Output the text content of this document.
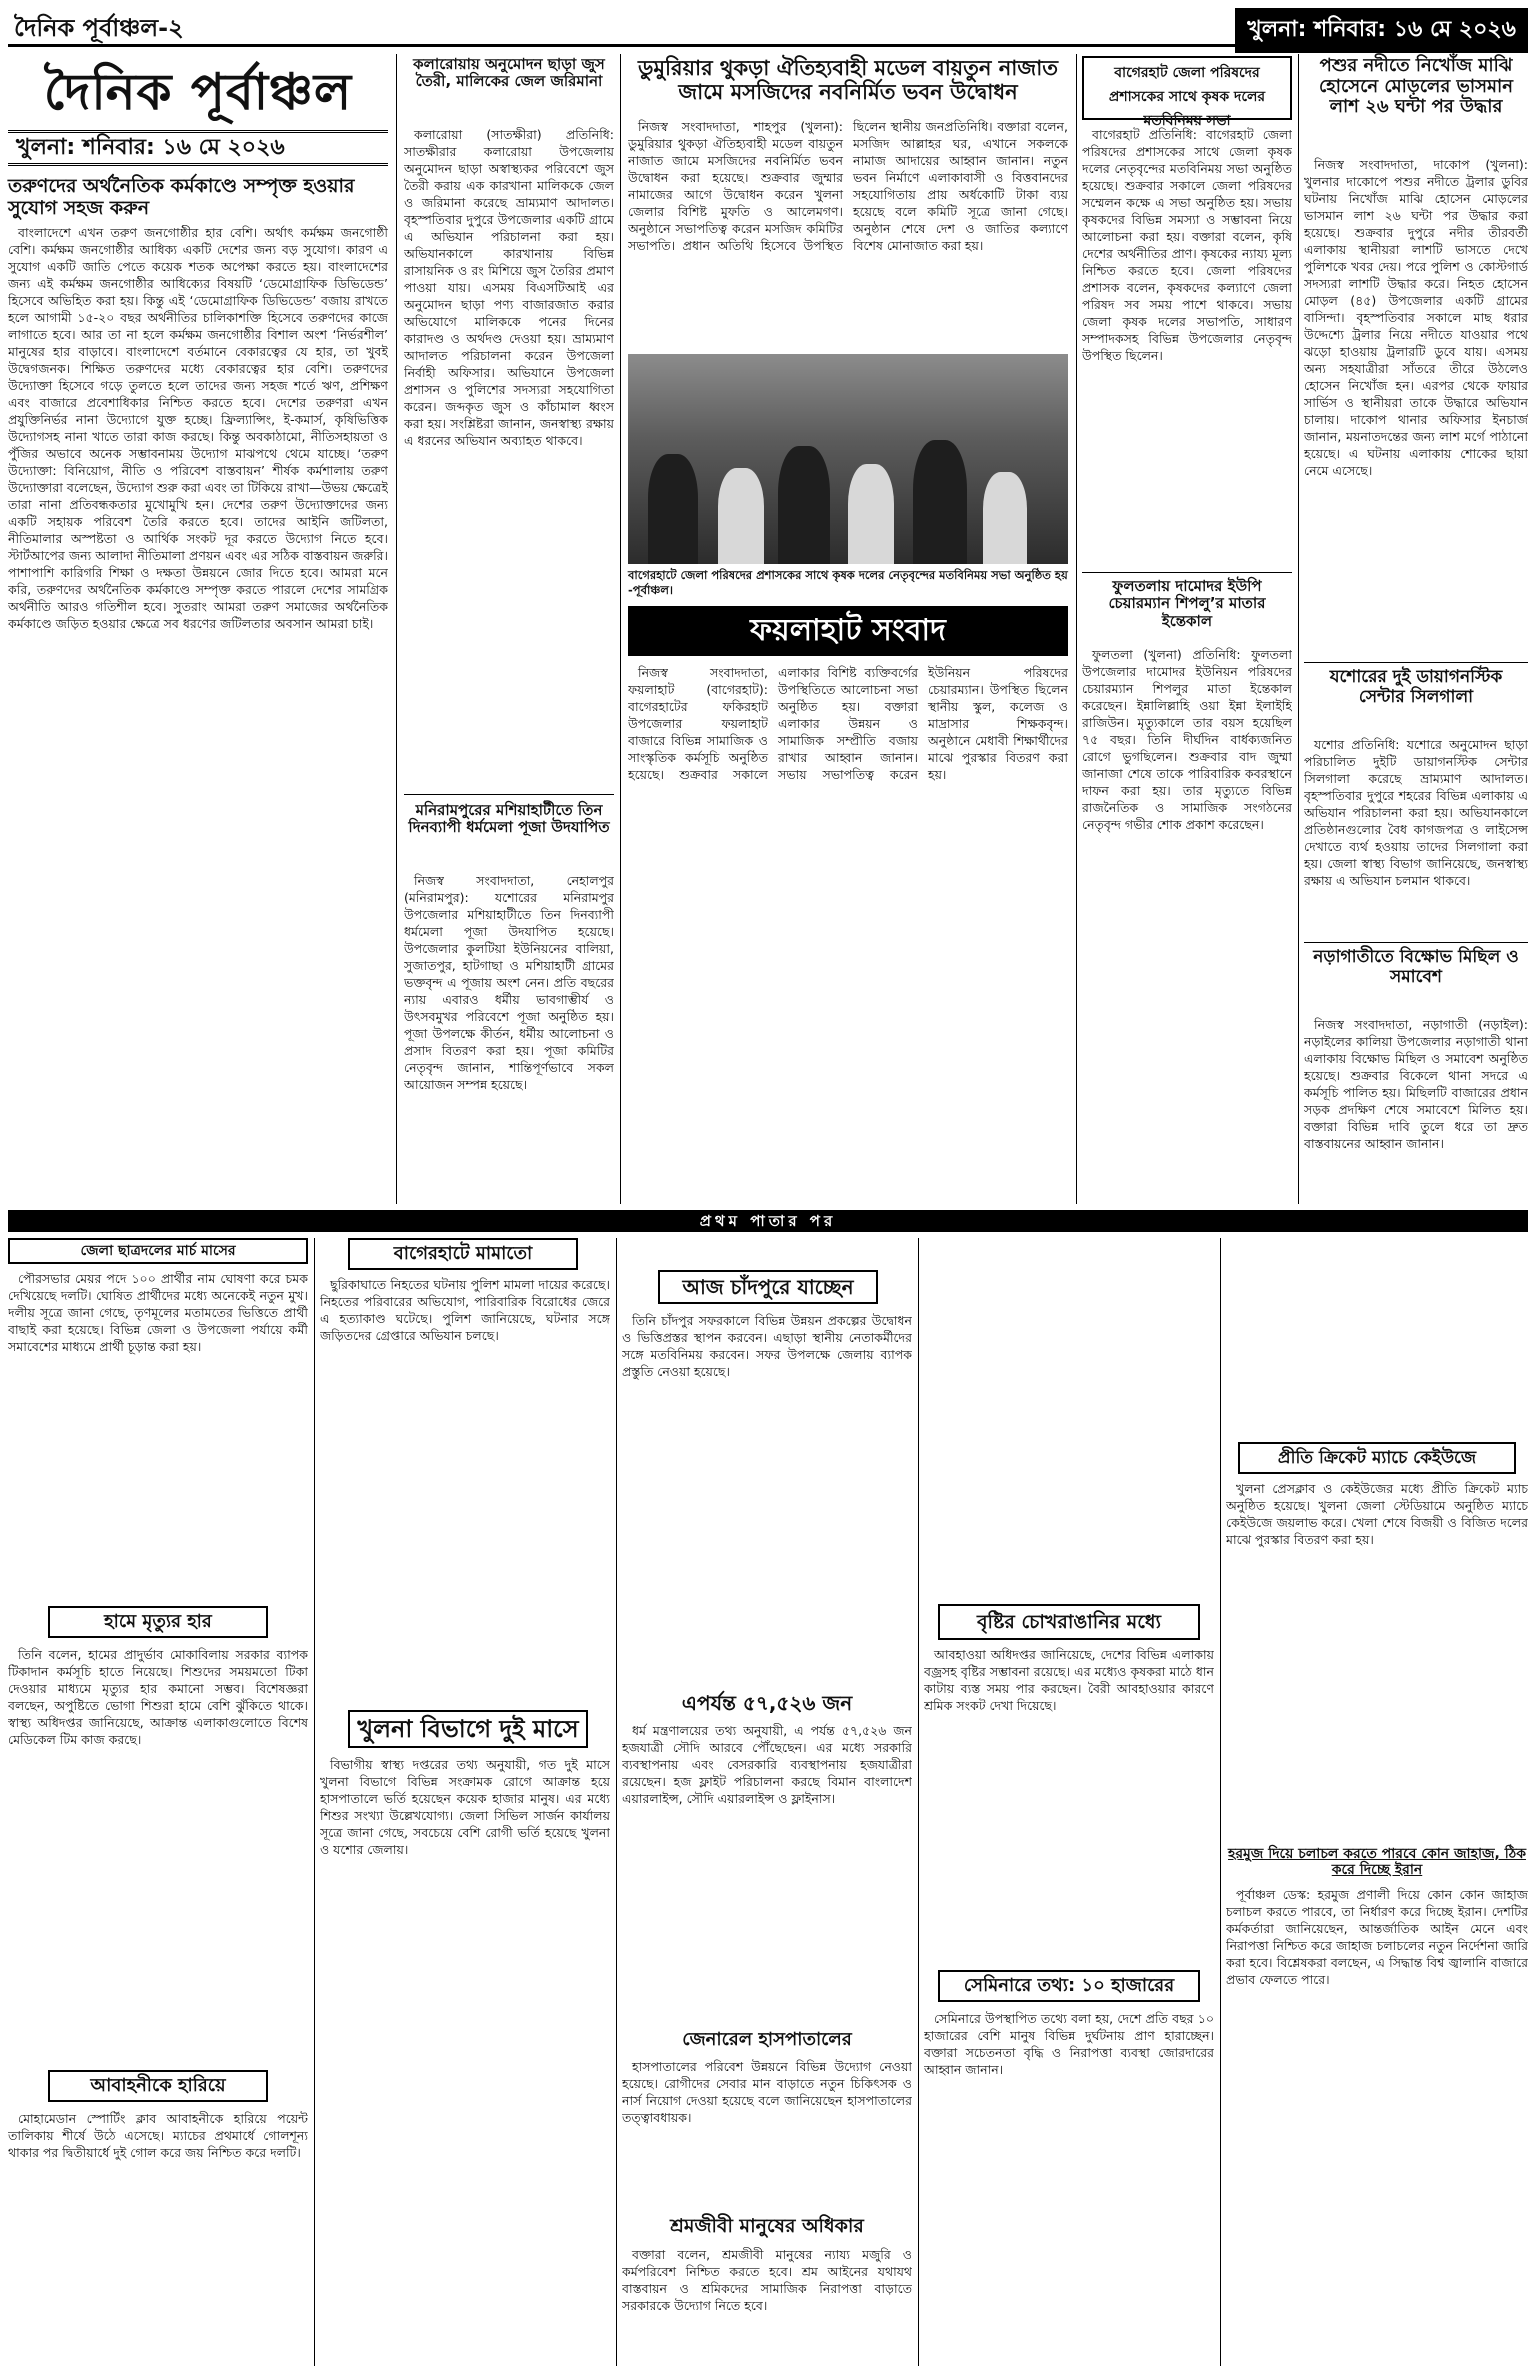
দৈনিক পূর্বাঞ্চল-২	খুলনা: শনিবার: ১৬ মে ২০২৬
দৈনিক পূর্বাঞ্চল
খুলনা: শনিবার: ১৬ মে ২০২৬
তরুণদের অর্থনৈতিক কর্মকাণ্ডে সম্পৃক্ত হওয়ার সুযোগ সহজ করুন

বাংলাদেশে এখন তরুণ জনগোষ্ঠীর হার বেশি। অর্থাৎ কর্মক্ষম জনগোষ্ঠী বেশি। কর্মক্ষম জনগোষ্ঠীর আধিক্য একটি দেশের জন্য বড় সুযোগ। কারণ এ সুযোগ একটি জাতি পেতে কয়েক শতক অপেক্ষা করতে হয়। বাংলাদেশের জন্য এই কর্মক্ষম জনগোষ্ঠীর আধিক্যের বিষয়টি ‘ডেমোগ্রাফিক ডিভিডেন্ড’ হিসেবে অভিহিত করা হয়। কিন্তু এই ‘ডেমোগ্রাফিক ডিভিডেন্ড’ বজায় রাখতে হলে আগামী ১৫-২০ বছর অর্থনীতির চালিকাশক্তি হিসেবে তরুণদের কাজে লাগাতে হবে। আর তা না হলে কর্মক্ষম জনগোষ্ঠীর বিশাল অংশ ‘নির্ভরশীল’ মানুষের হার বাড়াবে। বাংলাদেশে বর্তমানে বেকারত্বের যে হার, তা খুবই উদ্বেগজনক। শিক্ষিত তরুণদের মধ্যে বেকারত্বের হার বেশি। তরুণদের উদ্যোক্তা হিসেবে গড়ে তুলতে হলে তাদের জন্য সহজ শর্তে ঋণ, প্রশিক্ষণ এবং বাজারে প্রবেশাধিকার নিশ্চিত করতে হবে। দেশের তরুণরা এখন প্রযুক্তিনির্ভর নানা উদ্যোগে যুক্ত হচ্ছে। ফ্রিল্যান্সিং, ই-কমার্স, কৃষিভিত্তিক উদ্যোগসহ নানা খাতে তারা কাজ করছে। কিন্তু অবকাঠামো, নীতিসহায়তা ও পুঁজির অভাবে অনেক সম্ভাবনাময় উদ্যোগ মাঝপথে থেমে যাচ্ছে। ‘তরুণ উদ্যোক্তা: বিনিয়োগ, নীতি ও পরিবেশ বাস্তবায়ন’ শীর্ষক কর্মশালায় তরুণ উদ্যোক্তারা বলেছেন, উদ্যোগ শুরু করা এবং তা টিকিয়ে রাখা—উভয় ক্ষেত্রেই তারা নানা প্রতিবন্ধকতার মুখোমুখি হন। দেশের তরুণ উদ্যোক্তাদের জন্য একটি সহায়ক পরিবেশ তৈরি করতে হবে। তাদের আইনি জটিলতা, নীতিমালার অস্পষ্টতা ও আর্থিক সংকট দূর করতে উদ্যোগ নিতে হবে। স্টার্টআপের জন্য আলাদা নীতিমালা প্রণয়ন এবং এর সঠিক বাস্তবায়ন জরুরি। পাশাপাশি কারিগরি শিক্ষা ও দক্ষতা উন্নয়নে জোর দিতে হবে। আমরা মনে করি, তরুণদের অর্থনৈতিক কর্মকাণ্ডে সম্পৃক্ত করতে পারলে দেশের সামগ্রিক অর্থনীতি আরও গতিশীল হবে। সুতরাং আমরা তরুণ সমাজের অর্থনৈতিক কর্মকাণ্ডে জড়িত হওয়ার ক্ষেত্রে সব ধরণের জটিলতার অবসান আমরা চাই।

কলারোয়ায় অনুমোদন ছাড়া জুস তৈরী, মালিকের জেল জরিমানা

কলারোয়া (সাতক্ষীরা) প্রতিনিধি: সাতক্ষীরার কলারোয়া উপজেলায় অনুমোদন ছাড়া অস্বাস্থ্যকর পরিবেশে জুস তৈরী করায় এক কারখানা মালিককে জেল ও জরিমানা করেছে ভ্রাম্যমাণ আদালত। বৃহস্পতিবার দুপুরে উপজেলার একটি গ্রামে এ অভিযান পরিচালনা করা হয়। অভিযানকালে কারখানায় বিভিন্ন রাসায়নিক ও রং মিশিয়ে জুস তৈরির প্রমাণ পাওয়া যায়। এসময় বিএসটিআই এর অনুমোদন ছাড়া পণ্য বাজারজাত করার অভিযোগে মালিককে পনের দিনের কারাদণ্ড ও অর্থদণ্ড দেওয়া হয়। ভ্রাম্যমাণ আদালত পরিচালনা করেন উপজেলা নির্বাহী অফিসার। অভিযানে উপজেলা প্রশাসন ও পুলিশের সদস্যরা সহযোগিতা করেন। জব্দকৃত জুস ও কাঁচামাল ধ্বংস করা হয়। সংশ্লিষ্টরা জানান, জনস্বাস্থ্য রক্ষায় এ ধরনের অভিযান অব্যাহত থাকবে।

মনিরামপুরের মশিয়াহাটীতে তিন দিনব্যাপী ধর্মমেলা পূজা উদযাপিত

নিজস্ব সংবাদদাতা, নেহালপুর (মনিরামপুর): যশোরের মনিরামপুর উপজেলার মশিয়াহাটীতে তিন দিনব্যাপী ধর্মমেলা পূজা উদযাপিত হয়েছে। উপজেলার কুলটিয়া ইউনিয়নের বালিয়া, সুজাতপুর, হাটগাছা ও মশিয়াহাটী গ্রামের ভক্তবৃন্দ এ পূজায় অংশ নেন। প্রতি বছরের ন্যায় এবারও ধর্মীয় ভাবগাম্ভীর্য ও উৎসবমুখর পরিবেশে পূজা অনুষ্ঠিত হয়। পূজা উপলক্ষে কীর্তন, ধর্মীয় আলোচনা ও প্রসাদ বিতরণ করা হয়। পূজা কমিটির নেতৃবৃন্দ জানান, শান্তিপূর্ণভাবে সকল আয়োজন সম্পন্ন হয়েছে।

ডুমুরিয়ার থুকড়া ঐতিহ্যবাহী মডেল বায়তুন নাজাত জামে মসজিদের নবনির্মিত ভবন উদ্বোধন

নিজস্ব সংবাদদাতা, শাহপুর (খুলনা): ডুমুরিয়ার থুকড়া ঐতিহ্যবাহী মডেল বায়তুন নাজাত জামে মসজিদের নবনির্মিত ভবন উদ্বোধন করা হয়েছে। শুক্রবার জুম্মার নামাজের আগে উদ্বোধন করেন খুলনা জেলার বিশিষ্ট মুফতি ও আলেমগণ। অনুষ্ঠানে সভাপতিত্ব করেন মসজিদ কমিটির সভাপতি। প্রধান অতিথি হিসেবে উপস্থিত ছিলেন স্থানীয় জনপ্রতিনিধি। বক্তারা বলেন, মসজিদ আল্লাহর ঘর, এখানে সকলকে নামাজ আদায়ের আহ্বান জানান। নতুন ভবন নির্মাণে এলাকাবাসী ও বিত্তবানদের সহযোগিতায় প্রায় অর্ধকোটি টাকা ব্যয় হয়েছে বলে কমিটি সূত্রে জানা গেছে। অনুষ্ঠান শেষে দেশ ও জাতির কল্যাণে বিশেষ মোনাজাত করা হয়।

বাগেরহাটে জেলা পরিষদের প্রশাসকের সাথে কৃষক দলের নেতৃবৃন্দের মতবিনিময় সভা অনুষ্ঠিত হয় -পূর্বাঞ্চল।
ফয়লাহাট সংবাদ

নিজস্ব সংবাদদাতা, ফয়লাহাট (বাগেরহাট): বাগেরহাটের ফকিরহাট উপজেলার ফয়লাহাট বাজারে বিভিন্ন সামাজিক ও সাংস্কৃতিক কর্মসূচি অনুষ্ঠিত হয়েছে। শুক্রবার সকালে এলাকার বিশিষ্ট ব্যক্তিবর্গের উপস্থিতিতে আলোচনা সভা অনুষ্ঠিত হয়। বক্তারা এলাকার উন্নয়ন ও সামাজিক সম্প্রীতি বজায় রাখার আহ্বান জানান। সভায় সভাপতিত্ব করেন ইউনিয়ন পরিষদের চেয়ারম্যান। উপস্থিত ছিলেন স্থানীয় স্কুল, কলেজ ও মাদ্রাসার শিক্ষকবৃন্দ। অনুষ্ঠানে মেধাবী শিক্ষার্থীদের মাঝে পুরস্কার বিতরণ করা হয়।

বাগেরহাট জেলা পরিষদের প্রশাসকের সাথে কৃষক দলের মতবিনিময় সভা

বাগেরহাট প্রতিনিধি: বাগেরহাট জেলা পরিষদের প্রশাসকের সাথে জেলা কৃষক দলের নেতৃবৃন্দের মতবিনিময় সভা অনুষ্ঠিত হয়েছে। শুক্রবার সকালে জেলা পরিষদের সম্মেলন কক্ষে এ সভা অনুষ্ঠিত হয়। সভায় কৃষকদের বিভিন্ন সমস্যা ও সম্ভাবনা নিয়ে আলোচনা করা হয়। বক্তারা বলেন, কৃষি দেশের অর্থনীতির প্রাণ। কৃষকের ন্যায্য মূল্য নিশ্চিত করতে হবে। জেলা পরিষদের প্রশাসক বলেন, কৃষকদের কল্যাণে জেলা পরিষদ সব সময় পাশে থাকবে। সভায় জেলা কৃষক দলের সভাপতি, সাধারণ সম্পাদকসহ বিভিন্ন উপজেলার নেতৃবৃন্দ উপস্থিত ছিলেন।

ফুলতলায় দামোদর ইউপি চেয়ারম্যান শিপলু’র মাতার ইন্তেকাল

ফুলতলা (খুলনা) প্রতিনিধি: ফুলতলা উপজেলার দামোদর ইউনিয়ন পরিষদের চেয়ারম্যান শিপলুর মাতা ইন্তেকাল করেছেন। ইন্নালিল্লাহি ওয়া ইন্না ইলাইহি রাজিউন। মৃত্যুকালে তার বয়স হয়েছিল ৭৫ বছর। তিনি দীর্ঘদিন বার্ধক্যজনিত রোগে ভুগছিলেন। শুক্রবার বাদ জুম্মা জানাজা শেষে তাকে পারিবারিক কবরস্থানে দাফন করা হয়। তার মৃত্যুতে বিভিন্ন রাজনৈতিক ও সামাজিক সংগঠনের নেতৃবৃন্দ গভীর শোক প্রকাশ করেছেন।

পশুর নদীতে নিখোঁজ মাঝি হোসেনে মোড়লের ভাসমান লাশ ২৬ ঘন্টা পর উদ্ধার

নিজস্ব সংবাদদাতা, দাকোপ (খুলনা): খুলনার দাকোপে পশুর নদীতে ট্রলার ডুবির ঘটনায় নিখোঁজ মাঝি হোসেন মোড়লের ভাসমান লাশ ২৬ ঘন্টা পর উদ্ধার করা হয়েছে। শুক্রবার দুপুরে নদীর তীরবর্তী এলাকায় স্থানীয়রা লাশটি ভাসতে দেখে পুলিশকে খবর দেয়। পরে পুলিশ ও কোস্টগার্ড সদস্যরা লাশটি উদ্ধার করে। নিহত হোসেন মোড়ল (৪৫) উপজেলার একটি গ্রামের বাসিন্দা। বৃহস্পতিবার সকালে মাছ ধরার উদ্দেশ্যে ট্রলার নিয়ে নদীতে যাওয়ার পথে ঝড়ো হাওয়ায় ট্রলারটি ডুবে যায়। এসময় অন্য সহযাত্রীরা সাঁতরে তীরে উঠলেও হোসেন নিখোঁজ হন। এরপর থেকে ফায়ার সার্ভিস ও স্থানীয়রা তাকে উদ্ধারে অভিযান চালায়। দাকোপ থানার অফিসার ইনচার্জ জানান, ময়নাতদন্তের জন্য লাশ মর্গে পাঠানো হয়েছে। এ ঘটনায় এলাকায় শোকের ছায়া নেমে এসেছে।

যশোরের দুই ডায়াগনস্টিক সেন্টার সিলগালা

যশোর প্রতিনিধি: যশোরে অনুমোদন ছাড়া পরিচালিত দুইটি ডায়াগনস্টিক সেন্টার সিলগালা করেছে ভ্রাম্যমাণ আদালত। বৃহস্পতিবার দুপুরে শহরের বিভিন্ন এলাকায় এ অভিযান পরিচালনা করা হয়। অভিযানকালে প্রতিষ্ঠানগুলোর বৈধ কাগজপত্র ও লাইসেন্স দেখাতে ব্যর্থ হওয়ায় তাদের সিলগালা করা হয়। জেলা স্বাস্থ্য বিভাগ জানিয়েছে, জনস্বাস্থ্য রক্ষায় এ অভিযান চলমান থাকবে।

নড়াগাতীতে বিক্ষোভ মিছিল ও সমাবেশ

নিজস্ব সংবাদদাতা, নড়াগাতী (নড়াইল): নড়াইলের কালিয়া উপজেলার নড়াগাতী থানা এলাকায় বিক্ষোভ মিছিল ও সমাবেশ অনুষ্ঠিত হয়েছে। শুক্রবার বিকেলে থানা সদরে এ কর্মসূচি পালিত হয়। মিছিলটি বাজারের প্রধান সড়ক প্রদক্ষিণ শেষে সমাবেশে মিলিত হয়। বক্তারা বিভিন্ন দাবি তুলে ধরে তা দ্রুত বাস্তবায়নের আহ্বান জানান।

প্রথম পাতার পর
জেলা ছাত্রদলের মার্চ মাসের

পৌরসভার মেয়র পদে ১০০ প্রার্থীর নাম ঘোষণা করে চমক দেখিয়েছে দলটি। ঘোষিত প্রার্থীদের মধ্যে অনেকেই নতুন মুখ। দলীয় সূত্রে জানা গেছে, তৃণমূলের মতামতের ভিত্তিতে প্রার্থী বাছাই করা হয়েছে। বিভিন্ন জেলা ও উপজেলা পর্যায়ে কর্মী সমাবেশের মাধ্যমে প্রার্থী চূড়ান্ত করা হয়।

হামে মৃত্যুর হার

তিনি বলেন, হামের প্রাদুর্ভাব মোকাবিলায় সরকার ব্যাপক টিকাদান কর্মসূচি হাতে নিয়েছে। শিশুদের সময়মতো টিকা দেওয়ার মাধ্যমে মৃত্যুর হার কমানো সম্ভব। বিশেষজ্ঞরা বলছেন, অপুষ্টিতে ভোগা শিশুরা হামে বেশি ঝুঁকিতে থাকে। স্বাস্থ্য অধিদপ্তর জানিয়েছে, আক্রান্ত এলাকাগুলোতে বিশেষ মেডিকেল টিম কাজ করছে।

আবাহনীকে হারিয়ে

মোহামেডান স্পোর্টিং ক্লাব আবাহনীকে হারিয়ে পয়েন্ট তালিকায় শীর্ষে উঠে এসেছে। ম্যাচের প্রথমার্ধে গোলশূন্য থাকার পর দ্বিতীয়ার্ধে দুই গোল করে জয় নিশ্চিত করে দলটি।

বাগেরহাটে মামাতো

ছুরিকাঘাতে নিহতের ঘটনায় পুলিশ মামলা দায়ের করেছে। নিহতের পরিবারের অভিযোগ, পারিবারিক বিরোধের জেরে এ হত্যাকাণ্ড ঘটেছে। পুলিশ জানিয়েছে, ঘটনার সঙ্গে জড়িতদের গ্রেপ্তারে অভিযান চলছে।

খুলনা বিভাগে দুই মাসে

বিভাগীয় স্বাস্থ্য দপ্তরের তথ্য অনুযায়ী, গত দুই মাসে খুলনা বিভাগে বিভিন্ন সংক্রামক রোগে আক্রান্ত হয়ে হাসপাতালে ভর্তি হয়েছেন কয়েক হাজার মানুষ। এর মধ্যে শিশুর সংখ্যা উল্লেখযোগ্য। জেলা সিভিল সার্জন কার্যালয় সূত্রে জানা গেছে, সবচেয়ে বেশি রোগী ভর্তি হয়েছে খুলনা ও যশোর জেলায়।

আজ চাঁদপুরে যাচ্ছেন

তিনি চাঁদপুর সফরকালে বিভিন্ন উন্নয়ন প্রকল্পের উদ্বোধন ও ভিত্তিপ্রস্তর স্থাপন করবেন। এছাড়া স্থানীয় নেতাকর্মীদের সঙ্গে মতবিনিময় করবেন। সফর উপলক্ষে জেলায় ব্যাপক প্রস্তুতি নেওয়া হয়েছে।

এপর্যন্ত ৫৭,৫২৬ জন

ধর্ম মন্ত্রণালয়ের তথ্য অনুযায়ী, এ পর্যন্ত ৫৭,৫২৬ জন হজযাত্রী সৌদি আরবে পৌঁছেছেন। এর মধ্যে সরকারি ব্যবস্থাপনায় এবং বেসরকারি ব্যবস্থাপনায় হজযাত্রীরা রয়েছেন। হজ ফ্লাইট পরিচালনা করছে বিমান বাংলাদেশ এয়ারলাইন্স, সৌদি এয়ারলাইন্স ও ফ্লাইনাস।

জেনারেল হাসপাতালের

হাসপাতালের পরিবেশ উন্নয়নে বিভিন্ন উদ্যোগ নেওয়া হয়েছে। রোগীদের সেবার মান বাড়াতে নতুন চিকিৎসক ও নার্স নিয়োগ দেওয়া হয়েছে বলে জানিয়েছেন হাসপাতালের তত্ত্বাবধায়ক।

শ্রমজীবী মানুষের অধিকার

বক্তারা বলেন, শ্রমজীবী মানুষের ন্যায্য মজুরি ও কর্মপরিবেশ নিশ্চিত করতে হবে। শ্রম আইনের যথাযথ বাস্তবায়ন ও শ্রমিকদের সামাজিক নিরাপত্তা বাড়াতে সরকারকে উদ্যোগ নিতে হবে।

বৃষ্টির চোখরাঙানির মধ্যে

আবহাওয়া অধিদপ্তর জানিয়েছে, দেশের বিভিন্ন এলাকায় বজ্রসহ বৃষ্টির সম্ভাবনা রয়েছে। এর মধ্যেও কৃষকরা মাঠে ধান কাটায় ব্যস্ত সময় পার করছেন। বৈরী আবহাওয়ার কারণে শ্রমিক সংকট দেখা দিয়েছে।

সেমিনারে তথ্য: ১০ হাজারের

সেমিনারে উপস্থাপিত তথ্যে বলা হয়, দেশে প্রতি বছর ১০ হাজারের বেশি মানুষ বিভিন্ন দুর্ঘটনায় প্রাণ হারাচ্ছেন। বক্তারা সচেতনতা বৃদ্ধি ও নিরাপত্তা ব্যবস্থা জোরদারের আহ্বান জানান।

প্রীতি ক্রিকেট ম্যাচে কেইউজে

খুলনা প্রেসক্লাব ও কেইউজের মধ্যে প্রীতি ক্রিকেট ম্যাচ অনুষ্ঠিত হয়েছে। খুলনা জেলা স্টেডিয়ামে অনুষ্ঠিত ম্যাচে কেইউজে জয়লাভ করে। খেলা শেষে বিজয়ী ও বিজিত দলের মাঝে পুরস্কার বিতরণ করা হয়।

হরমুজ দিয়ে চলাচল করতে পারবে কোন জাহাজ, ঠিক করে দিচ্ছে ইরান

পূর্বাঞ্চল ডেস্ক: হরমুজ প্রণালী দিয়ে কোন কোন জাহাজ চলাচল করতে পারবে, তা নির্ধারণ করে দিচ্ছে ইরান। দেশটির কর্মকর্তারা জানিয়েছেন, আন্তর্জাতিক আইন মেনে এবং নিরাপত্তা নিশ্চিত করে জাহাজ চলাচলের নতুন নির্দেশনা জারি করা হবে। বিশ্লেষকরা বলছেন, এ সিদ্ধান্ত বিশ্ব জ্বালানি বাজারে প্রভাব ফেলতে পারে।
